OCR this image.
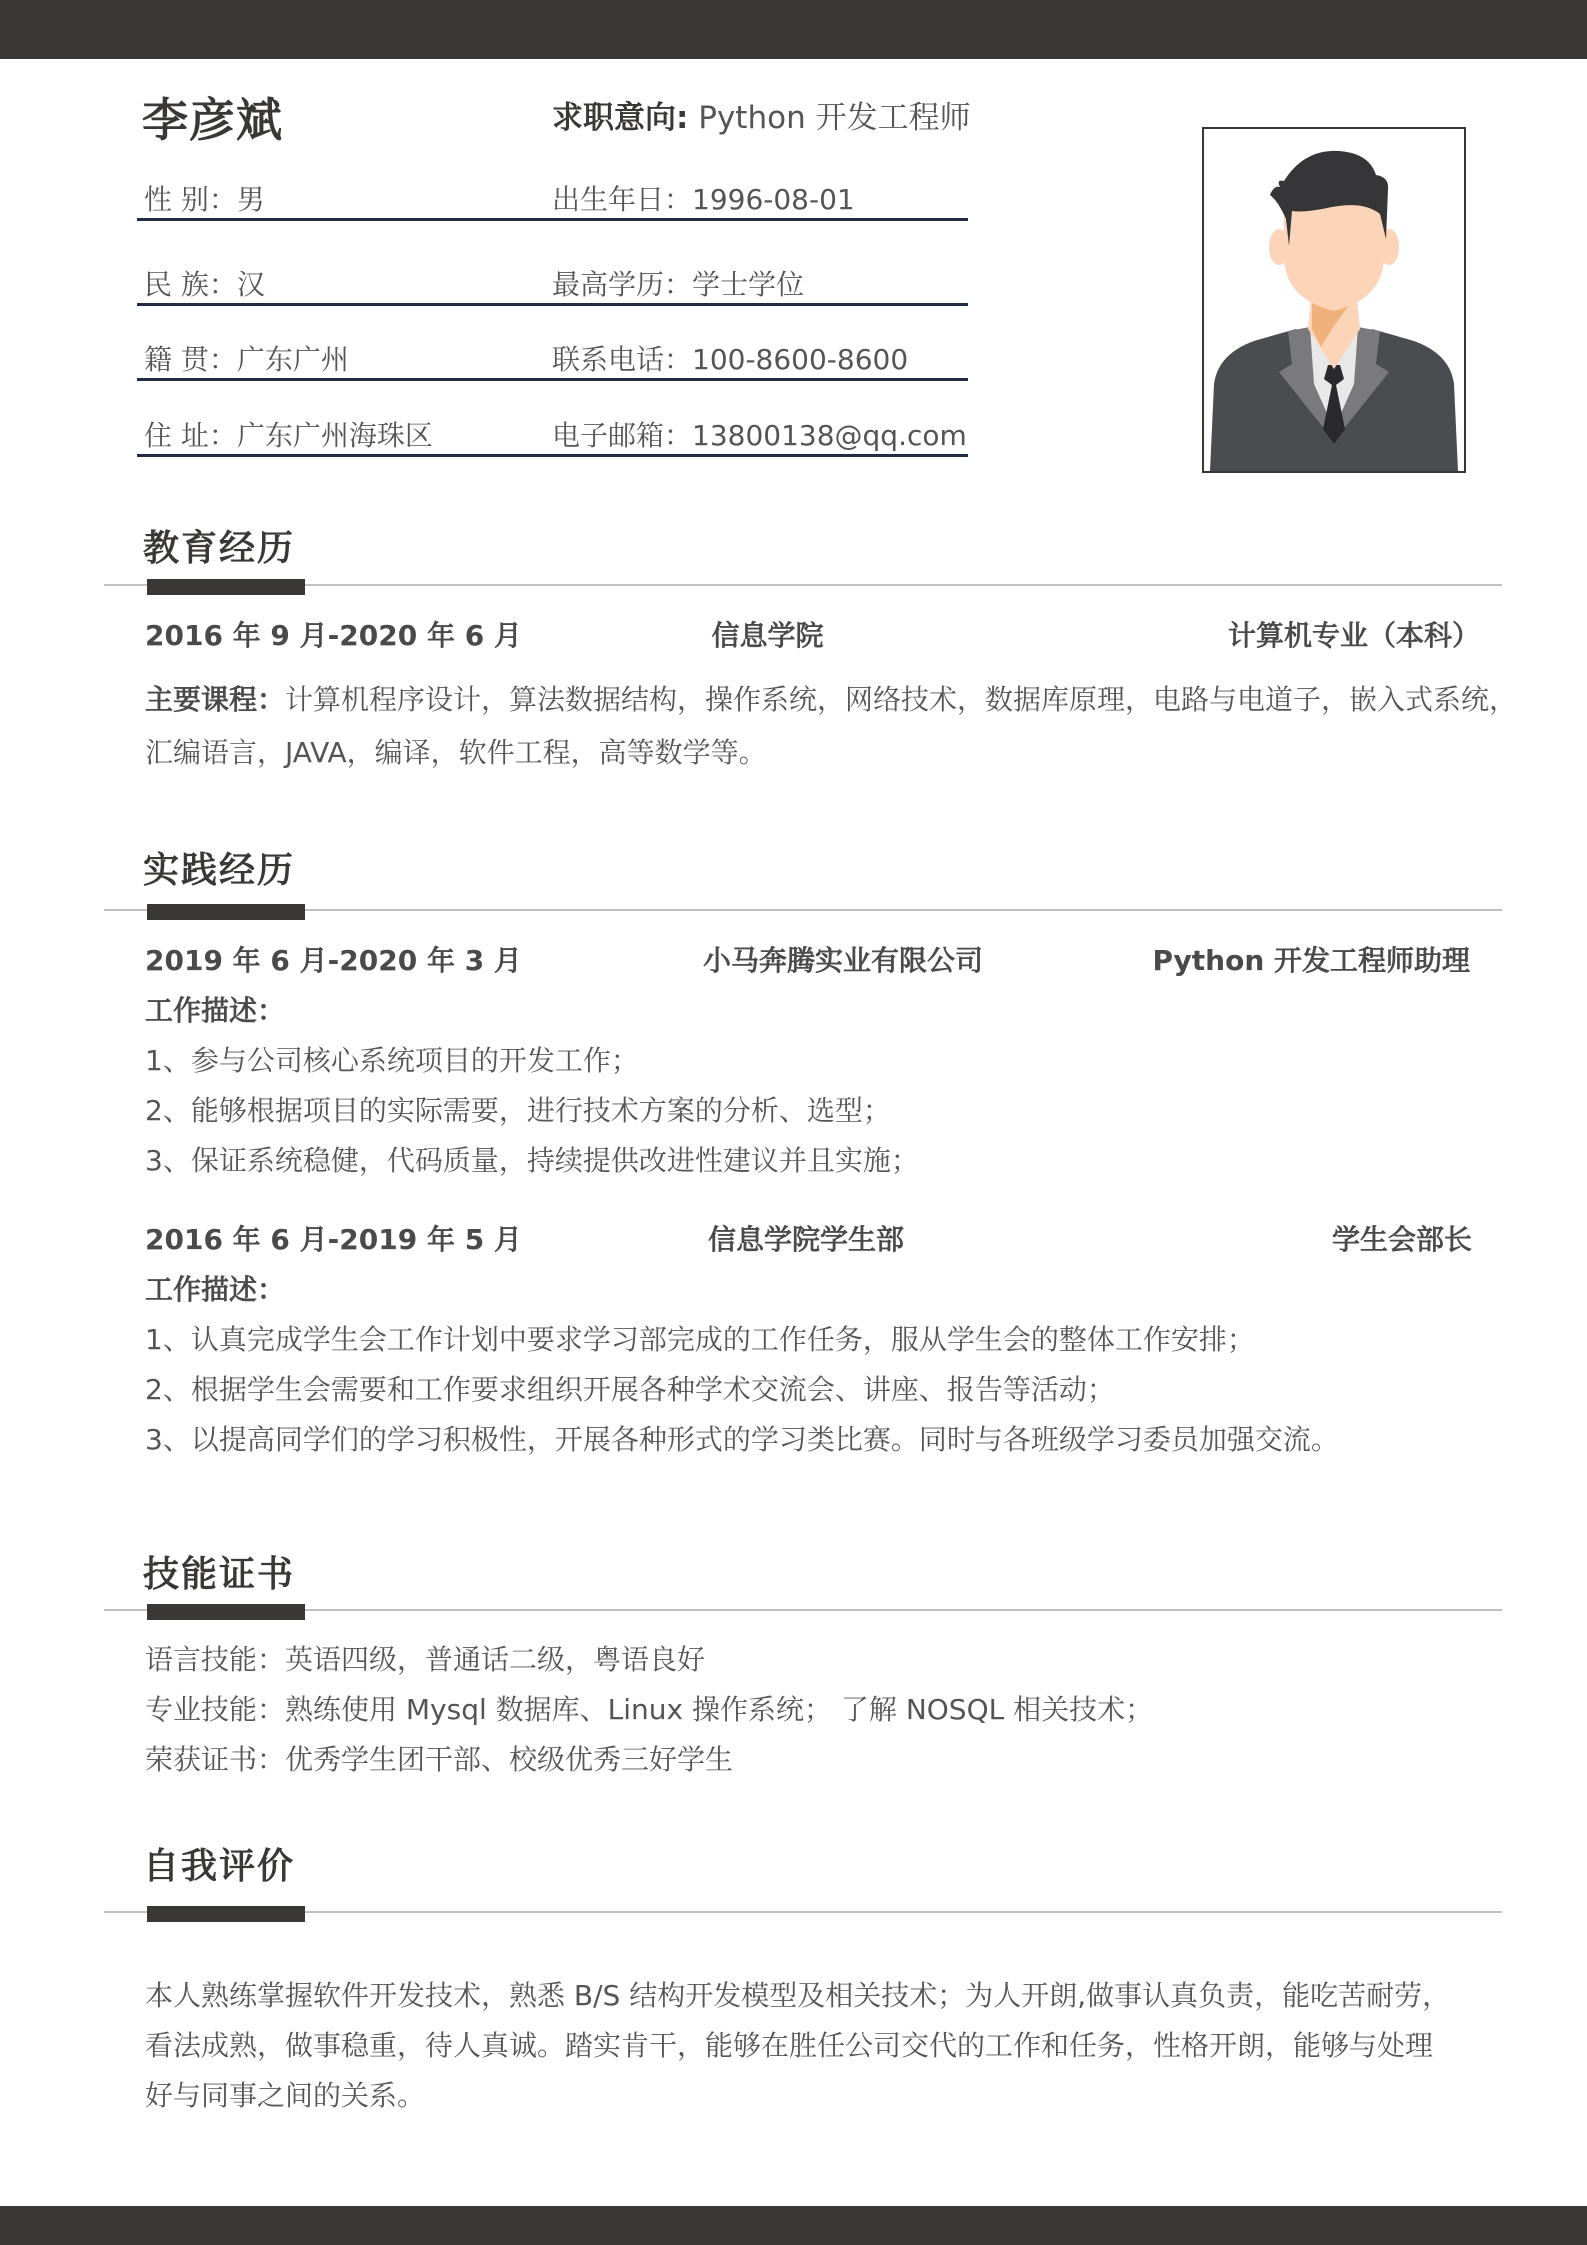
李彦斌	求职意向: Python 开发工程师
性 别：男	出生年日：1996-08-01
民 族：汉	最高学历：学士学位
籍 贯：广东广州	联系电话：100-8600-8600
住 址：广东广州海珠区	电子邮箱：13800138@qq.com
教育经历
2016 年 9 月-2020 年 6 月	信息学院	计算机专业（本科）
主要课程：计算机程序设计，算法数据结构，操作系统，网络技术，数据库原理，电路与电道子，嵌入式系统，
汇编语言，JAVA，编译，软件工程，高等数学等。
实践经历
2019 年 6 月-2020 年 3 月	小马奔腾实业有限公司	Python 开发工程师助理
工作描述：
1、参与公司核心系统项目的开发工作；
2、能够根据项目的实际需要，进行技术方案的分析、选型；
3、保证系统稳健，代码质量，持续提供改进性建议并且实施；
2016 年 6 月-2019 年 5 月	信息学院学生部	学生会部长
工作描述：
1、认真完成学生会工作计划中要求学习部完成的工作任务，服从学生会的整体工作安排；
2、根据学生会需要和工作要求组织开展各种学术交流会、讲座、报告等活动；
3、以提高同学们的学习积极性，开展各种形式的学习类比赛。同时与各班级学习委员加强交流。
技能证书
语言技能：英语四级，普通话二级，粤语良好
专业技能：熟练使用 Mysql 数据库、Linux 操作系统； 了解 NOSQL 相关技术；
荣获证书：优秀学生团干部、校级优秀三好学生
自我评价
本人熟练掌握软件开发技术，熟悉 B/S 结构开发模型及相关技术；为人开朗,做事认真负责，能吃苦耐劳，
看法成熟，做事稳重，待人真诚。踏实肯干，能够在胜任公司交代的工作和任务，性格开朗，能够与处理
好与同事之间的关系。
